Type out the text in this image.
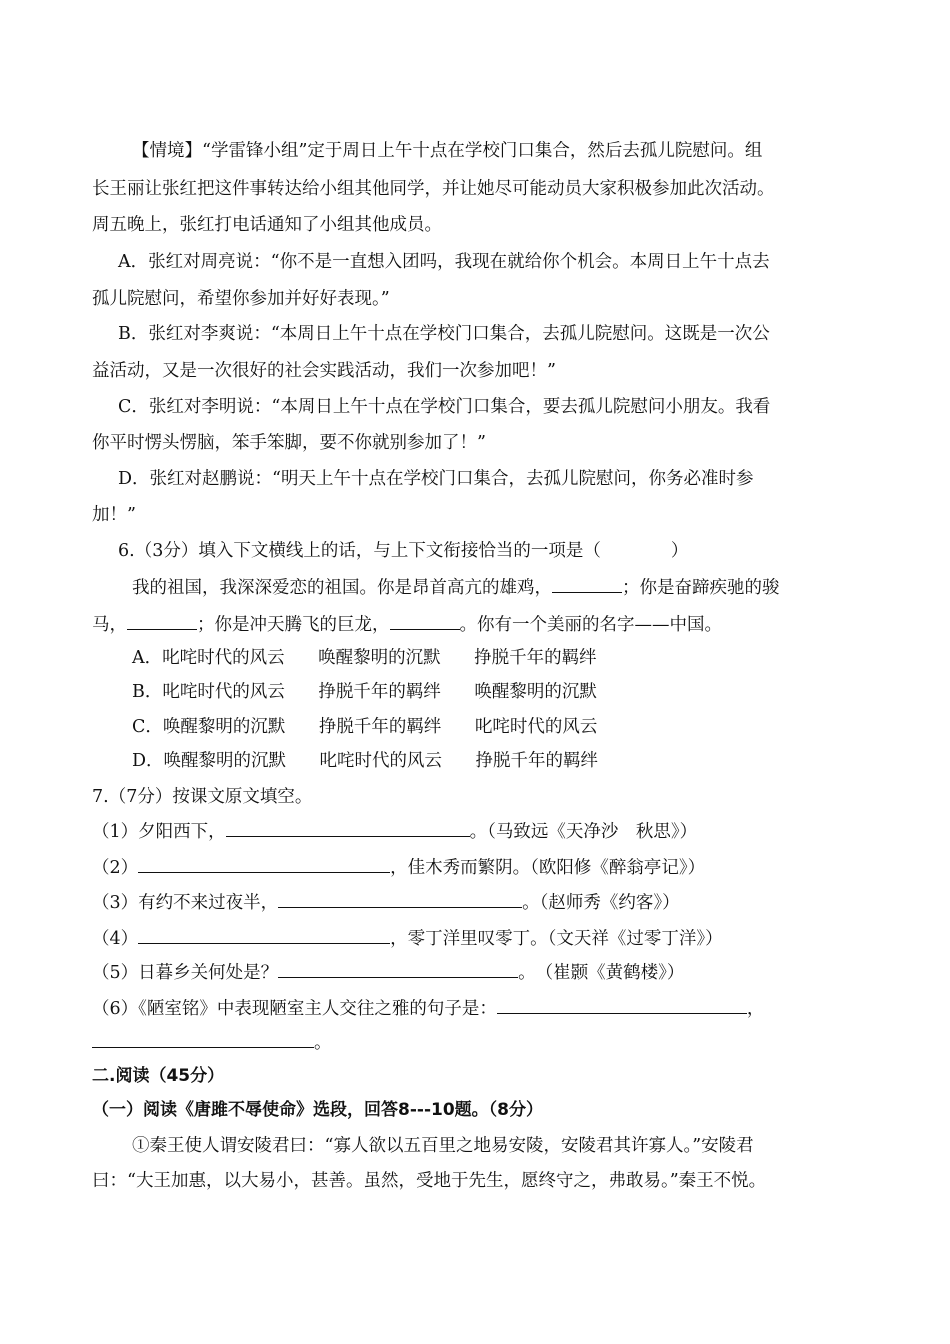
【情境】“学雷锋小组”定于周日上午十点在学校门口集合，然后去孤儿院慰问。组
长王丽让张红把这件事转达给小组其他同学，并让她尽可能动员大家积极参加此次活动。
周五晚上，张红打电话通知了小组其他成员。
A．张红对周亮说：“你不是一直想入团吗，我现在就给你个机会。本周日上午十点去
孤儿院慰问，希望你参加并好好表现。”
B．张红对李爽说：“本周日上午十点在学校门口集合，去孤儿院慰问。这既是一次公
益活动，又是一次很好的社会实践活动，我们一次参加吧！”
C．张红对李明说：“本周日上午十点在学校门口集合，要去孤儿院慰问小朋友。我看
你平时愣头愣脑，笨手笨脚，要不你就别参加了！”
D．张红对赵鹏说：“明天上午十点在学校门口集合，去孤儿院慰问，你务必准时参
加！”
6.（3分）填入下文横线上的话，与上下文衔接恰当的一项是（　　　　）
我的祖国，我深深爱恋的祖国。你是昂首高亢的雄鸡，	；你是奋蹄疾驰的骏
马，	；你是冲天腾飞的巨龙，	。你有一个美丽的名字——中国。
A．叱咤时代的风云 唤醒黎明的沉默 挣脱千年的羁绊
B．叱咤时代的风云 挣脱千年的羁绊 唤醒黎明的沉默
C．唤醒黎明的沉默 挣脱千年的羁绊 叱咤时代的风云
D．唤醒黎明的沉默 叱咤时代的风云 挣脱千年的羁绊
7.（7分）按课文原文填空。
（1）夕阳西下，	。（马致远《天净沙　秋思》）
（2）	，佳木秀而繁阴。（欧阳修《醉翁亭记》）
（3）有约不来过夜半，	。（赵师秀《约客》）
（4）	，零丁洋里叹零丁。（文天祥《过零丁洋》）
（5）日暮乡关何处是？	。　（崔颢《黄鹤楼》）
（6）《陋室铭》中表现陋室主人交往之雅的句子是：	，
。
二.阅读（45分）
（一）阅读《唐雎不辱使命》选段，回答8---10题。（8分）
①秦王使人谓安陵君曰：“寡人欲以五百里之地易安陵，安陵君其许寡人。”安陵君
曰：“大王加惠，以大易小，甚善。虽然，受地于先生，愿终守之，弗敢易。”秦王不悦。
